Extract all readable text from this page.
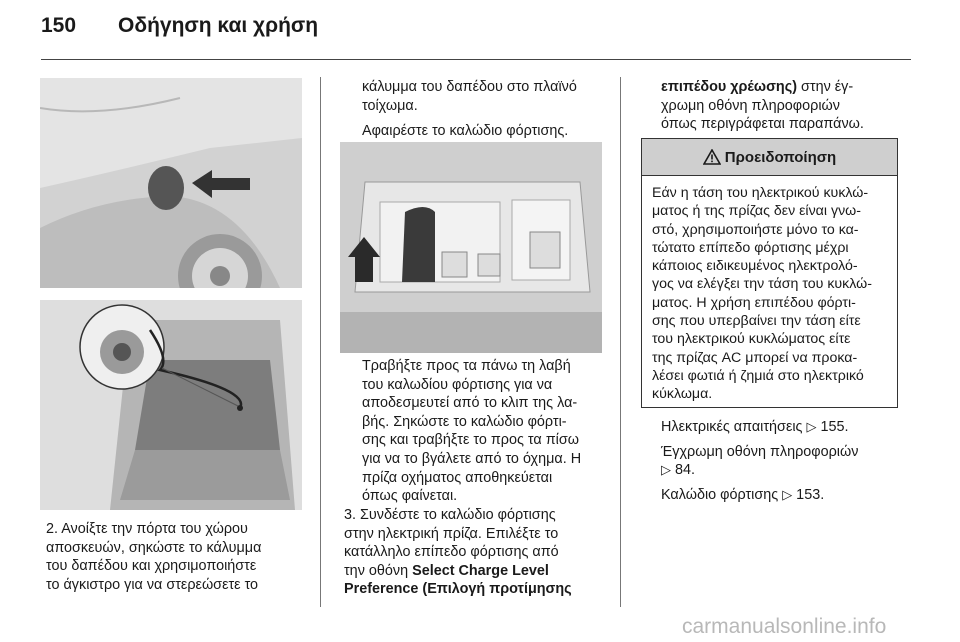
150 Οδήγηση και χρήση

2. Ανοίξτε την πόρτα του χώρου

αποσκευών, σηκώστε το κάλυμμα

του δαπέδου και χρησιμοποιήστε

το άγκιστρο για να στερεώσετε το

κάλυμμα του δαπέδου στο πλαϊνό

τοίχωμα.

Αφαιρέστε το καλώδιο φόρτισης.

Τραβήξτε προς τα πάνω τη λαβή

του καλωδίου φόρτισης για να

αποδεσμευτεί από το κλιπ της λα-

βής. Σηκώστε το καλώδιο φόρτι-

σης και τραβήξτε το προς τα πίσω

για να το βγάλετε από το όχημα. Η

πρίζα οχήματος αποθηκεύεται

όπως φαίνεται.

3. Συνδέστε το καλώδιο φόρτισης

στην ηλεκτρική πρίζα. Επιλέξτε το

κατάλληλο επίπεδο φόρτισης από

την οθόνη Select Charge Level

Preference (Επιλογή προτίμησης

επιπέδου χρέωσης) στην έγ-

χρωμη οθόνη πληροφοριών

όπως περιγράφεται παραπάνω.

Προειδοποίηση

Εάν η τάση του ηλεκτρικού κυκλώ-

ματος ή της πρίζας δεν είναι γνω-

στό, χρησιμοποιήστε μόνο το κα-

τώτατο επίπεδο φόρτισης μέχρι

κάποιος ειδικευμένος ηλεκτρολό-

γος να ελέγξει την τάση του κυκλώ-

ματος. Η χρήση επιπέδου φόρτι-

σης που υπερβαίνει την τάση είτε

του ηλεκτρικού κυκλώματος είτε

της πρίζας AC μπορεί να προκα-

λέσει φωτιά ή ζημιά στο ηλεκτρικό

κύκλωμα.

Ηλεκτρικές απαιτήσεις ▷ 155.

Έγχρωμη οθόνη πληροφοριών

▷ 84.

Καλώδιο φόρτισης ▷ 153.

carmanualsonline.info
